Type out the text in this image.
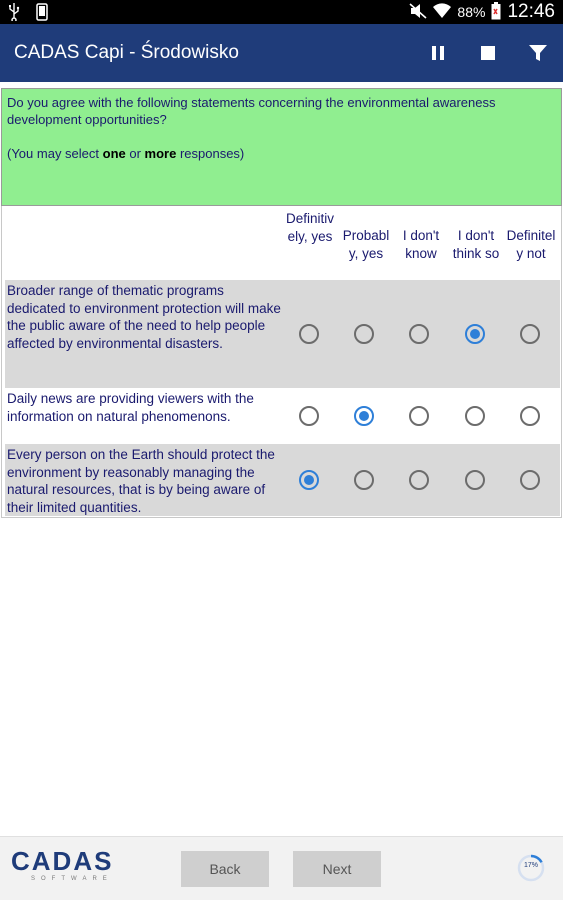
88% 12:46
CADAS Capi - Środowisko

Do you agree with the following statements concerning the environmental awareness development opportunities?

(You may select one or more responses)

Definitiv
ely, yes Probabl
y, yes
I don't
know
I don't
think so
Definitel
y not
Broader range of thematic programs dedicated to environment protection will make the public aware of the need to help people affected by environmental disasters.
Daily news are providing viewers with the information on natural phenomenons.
Every person on the Earth should protect the environment by reasonably managing the natural resources, that is by being aware of their limited quantities.
CADAS
SOFTWARE
Back	Next	17%
